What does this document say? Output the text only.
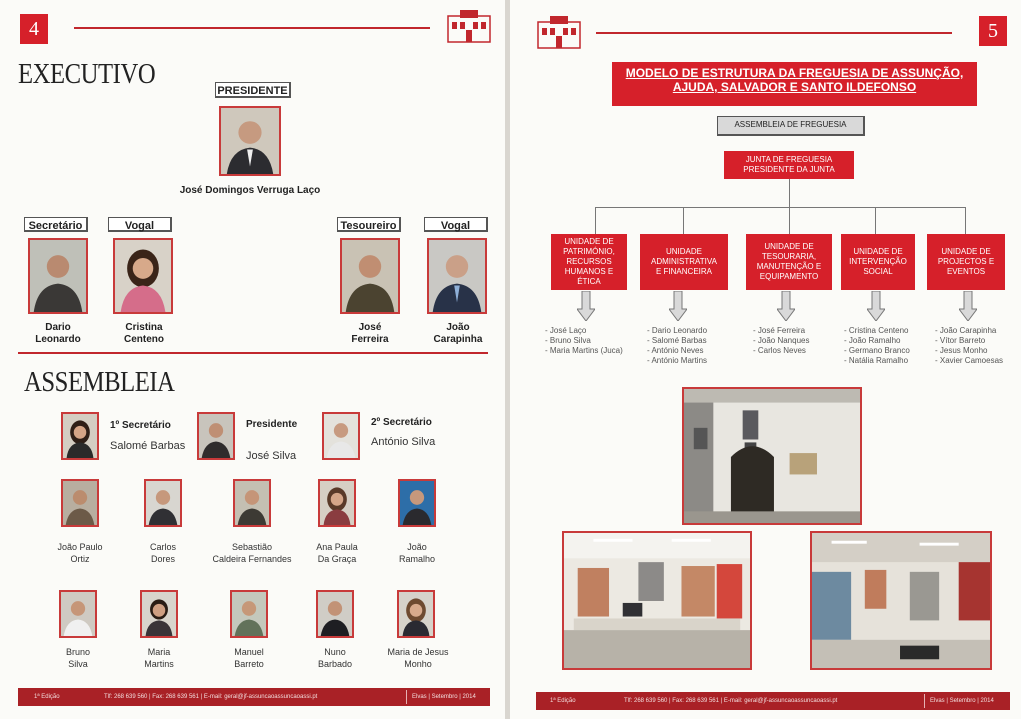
4
EXECUTIVO
PRESIDENTE
José Domingos Verruga Laço
Secretário	Vogal	Tesoureiro	Vogal
Dario
Leonardo
Cristina
Centeno
José
Ferreira
João
Carapinha
ASSEMBLEIA
1º Secretário
Salomé Barbas
Presidente
José Silva
2º Secretário
António Silva
João Paulo
Ortiz
Carlos
Dores
Sebastião
Caldeira Fernandes
Ana Paula
Da Graça
João
Ramalho
Bruno
Silva
Maria
Martins
Manuel
Barreto
Nuno
Barbado
Maria de Jesus
Monho
1ª Edição	Tlf: 268 639 560 | Fax: 268 639 561 | E-mail: geral@jf-assuncaoassuncaoassi.pt	Elvas | Setembro | 2014
5
MODELO DE ESTRUTURA DA FREGUESIA DE ASSUNÇÃO,
AJUDA, SALVADOR E SANTO ILDEFONSO
ASSEMBLEIA DE FREGUESIA
JUNTA DE FREGUESIA
PRESIDENTE DA JUNTA
UNIDADE DE
PATRIMÓNIO,
RECURSOS
HUMANOS E
ÉTICA
UNIDADE
ADMINISTRATIVA
E FINANCEIRA
UNIDADE DE
TESOURARIA,
MANUTENÇÃO E
EQUIPAMENTO
UNIDADE DE
INTERVENÇÃO
SOCIAL
UNIDADE DE
PROJECTOS E
EVENTOS
- José Laço
- Bruno Silva
- Maria Martins (Juca)
- Dario Leonardo
- Salomé Barbas
- António Neves
- António Martins
- José Ferreira
- João Nanques
- Carlos Neves
- Cristina Centeno
- João Ramalho
- Germano Branco
- Natália Ramalho
- João Carapinha
- Vítor Barreto
- Jesus Monho
- Xavier Camoesas
1ª Edição	Tlf: 268 639 560 | Fax: 268 639 561 | E-mail: geral@jf-assuncaoassuncaoassi.pt	Elvas | Setembro | 2014
